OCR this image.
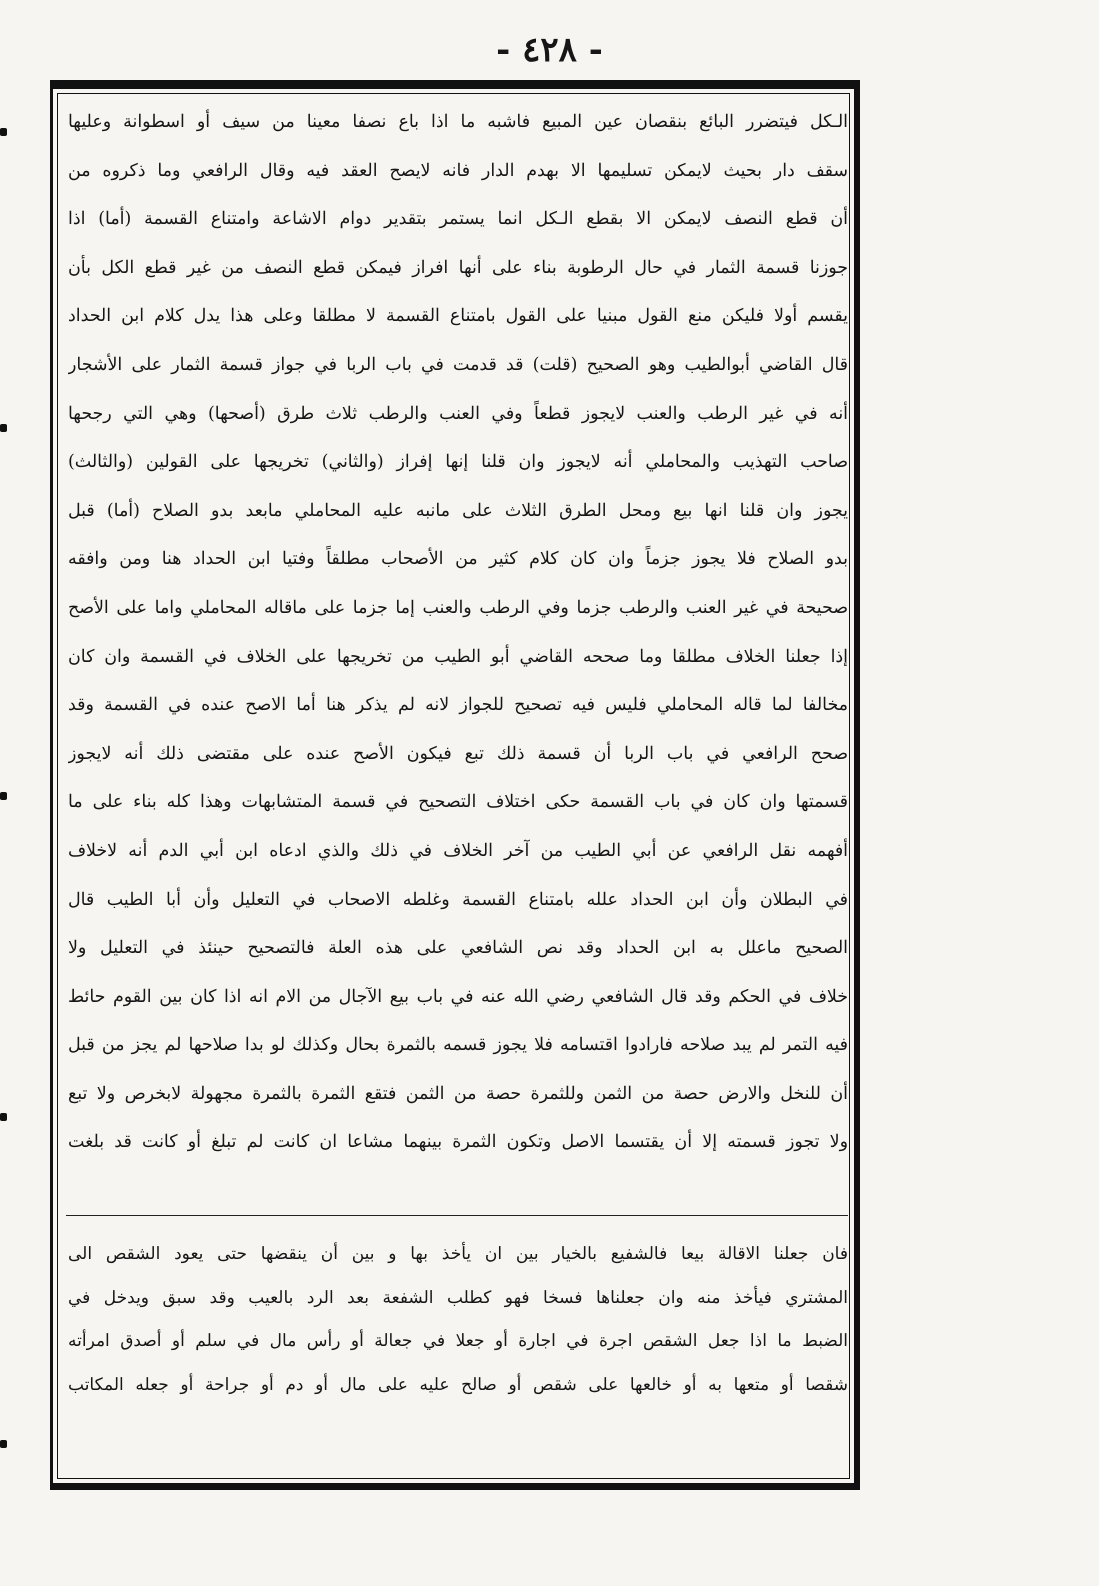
- ٤٢٨ -
الـكل فيتضرر البائع بنقصان عين المبيع فاشبه ما اذا باع نصفا معينا من سيف أو اسطوانة وعليها
سقف دار بحيث لايمكن تسليمها الا بهدم الدار فانه لايصح العقد فيه وقال الرافعي وما ذكروه من
أن قطع النصف لايمكن الا بقطع الـكل انما يستمر بتقدير دوام الاشاعة وامتناع القسمة (أما) اذا
جوزنا قسمة الثمار في حال الرطوبة بناء على أنها افراز فيمكن قطع النصف من غير قطع الكل بأن
يقسم أولا فليكن منع القول مبنيا على القول بامتناع القسمة لا مطلقا وعلى هذا يدل كلام ابن الحداد
قال القاضي أبوالطيب وهو الصحيح (قلت) قد قدمت في باب الربا في جواز قسمة الثمار على الأشجار
أنه في غير الرطب والعنب لايجوز قطعاً وفي العنب والرطب ثلاث طرق (أصحها) وهي التي رجحها
صاحب التهذيب والمحاملي أنه لايجوز وان قلنا إنها إفراز (والثاني) تخريجها على القولين (والثالث)
يجوز وان قلنا انها بيع ومحل الطرق الثلاث على مانبه عليه المحاملي مابعد بدو الصلاح (أما) قبل
بدو الصلاح فلا يجوز جزماً وان كان كلام كثير من الأصحاب مطلقاً وفتيا ابن الحداد هنا ومن وافقه
صحيحة في غير العنب والرطب جزما وفي الرطب والعنب إما جزما على ماقاله المحاملي واما على الأصح
إذا جعلنا الخلاف مطلقا وما صححه القاضي أبو الطيب من تخريجها على الخلاف في القسمة وان كان
مخالفا لما قاله المحاملي فليس فيه تصحيح للجواز لانه لم يذكر هنا أما الاصح عنده في القسمة وقد
صحح الرافعي في باب الربا أن قسمة ذلك تبع فيكون الأصح عنده على مقتضى ذلك أنه لايجوز
قسمتها وان كان في باب القسمة حكى اختلاف التصحيح في قسمة المتشابهات وهذا كله بناء على ما
أفهمه نقل الرافعي عن أبي الطيب من آخر الخلاف في ذلك والذي ادعاه ابن أبي الدم أنه لاخلاف
في البطلان وأن ابن الحداد علله بامتناع القسمة وغلطه الاصحاب في التعليل وأن أبا الطيب قال
الصحيح ماعلل به ابن الحداد وقد نص الشافعي على هذه العلة فالتصحيح حينئذ في التعليل ولا
خلاف في الحكم وقد قال الشافعي رضي الله عنه في باب بيع الآجال من الام انه اذا كان بين القوم حائط
فيه التمر لم يبد صلاحه فارادوا اقتسامه فلا يجوز قسمه بالثمرة بحال وكذلك لو بدا صلاحها لم يجز من قبل
أن للنخل والارض حصة من الثمن وللثمرة حصة من الثمن فتقع الثمرة بالثمرة مجهولة لابخرص ولا تبع
ولا تجوز قسمته إلا أن يقتسما الاصل وتكون الثمرة بينهما مشاعا ان كانت لم تبلغ أو كانت قد بلغت
فان جعلنا الاقالة بيعا فالشفيع بالخيار بين ان يأخذ بها و بين أن ينقضها حتى يعود الشقص الى
المشتري فيأخذ منه وان جعلناها فسخا فهو كطلب الشفعة بعد الرد بالعيب وقد سبق ويدخل في
الضبط ما اذا جعل الشقص اجرة في اجارة أو جعلا في جعالة أو رأس مال في سلم أو أصدق امرأته
شقصا أو متعها به أو خالعها على شقص أو صالح عليه على مال أو دم أو جراحة أو جعله المكاتب
